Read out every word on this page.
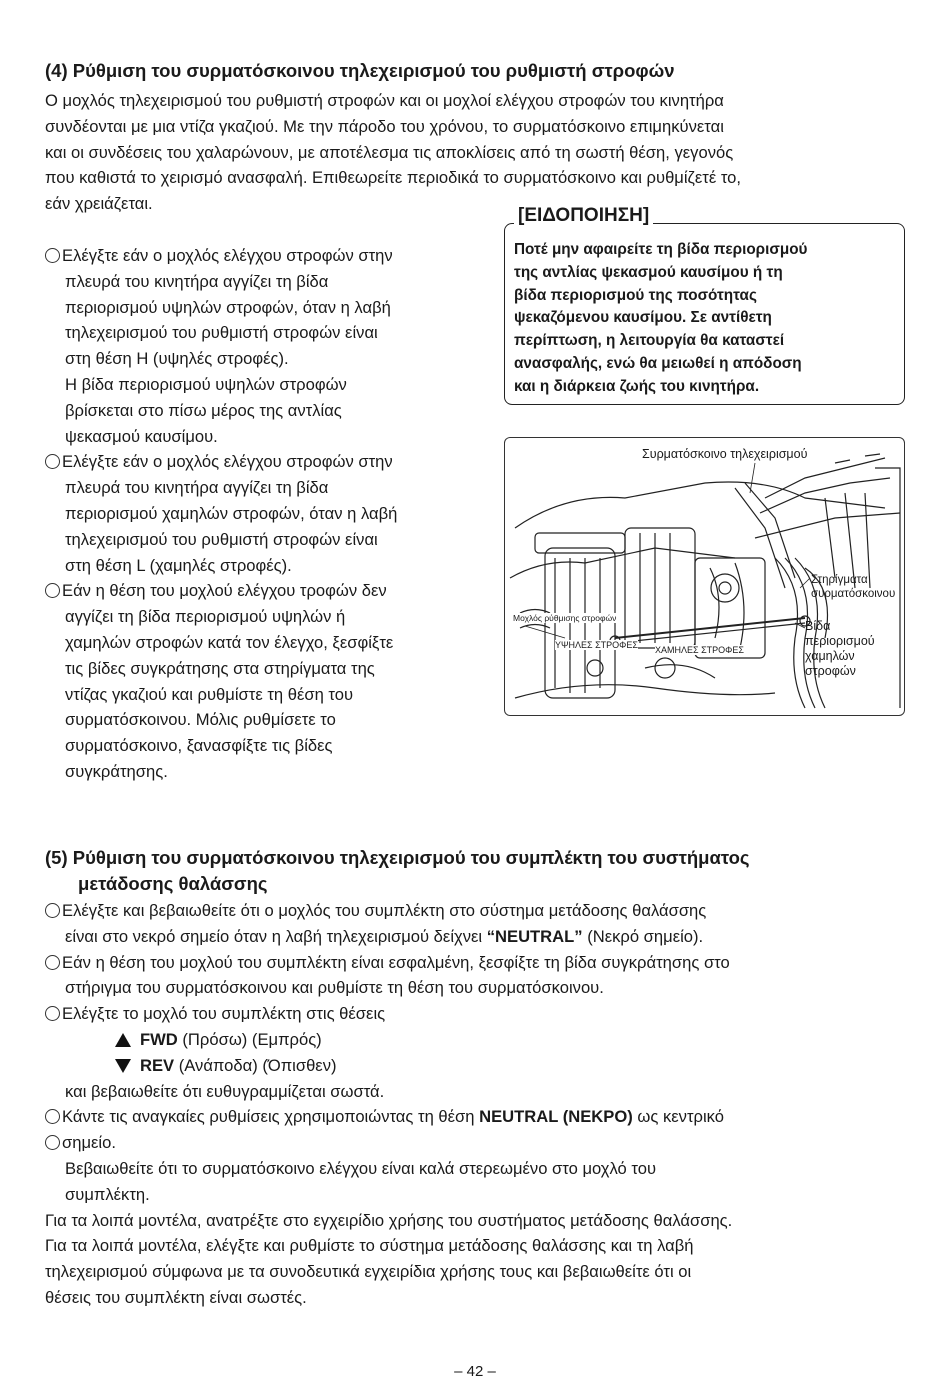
(4) Ρύθμιση του συρματόσκοινου τηλεχειρισμού του ρυθμιστή στροφών
Ο μοχλός τηλεχειρισμού του ρυθμιστή στροφών και οι μοχλοί ελέγχου στροφών του κινητήρα
συνδέονται με μια ντίζα γκαζιού. Με την πάροδο του χρόνου, το συρματόσκοινο επιμηκύνεται
και οι συνδέσεις του χαλαρώνουν, με αποτέλεσμα τις αποκλίσεις από τη σωστή θέση, γεγονός
που καθιστά το χειρισμό ανασφαλή. Επιθεωρείτε περιοδικά το συρματόσκοινο και ρυθμίζετέ το,
εάν χρειάζεται.
Ελέγξτε εάν ο μοχλός ελέγχου στροφών στην
πλευρά του κινητήρα αγγίζει τη βίδα
περιορισμού υψηλών στροφών, όταν η λαβή
τηλεχειρισμού του ρυθμιστή στροφών είναι
στη θέση H (υψηλές στροφές).
Η βίδα περιορισμού υψηλών στροφών
βρίσκεται στο πίσω μέρος της αντλίας
ψεκασμού καυσίμου.
Ελέγξτε εάν ο μοχλός ελέγχου στροφών στην
πλευρά του κινητήρα αγγίζει τη βίδα
περιορισμού χαμηλών στροφών, όταν η λαβή
τηλεχειρισμού του ρυθμιστή στροφών είναι
στη θέση L (χαμηλές στροφές).
Εάν η θέση του μοχλού ελέγχου τροφών δεν
αγγίζει τη βίδα περιορισμού υψηλών ή
χαμηλών στροφών κατά τον έλεγχο, ξεσφίξτε
τις βίδες συγκράτησης στα στηρίγματα της
ντίζας γκαζιού και ρυθμίστε τη θέση του
συρματόσκοινου. Μόλις ρυθμίσετε το
συρματόσκοινο, ξανασφίξτε τις βίδες
συγκράτησης.
[ΕΙΔΟΠΟΙΗΣΗ]
Ποτέ μην αφαιρείτε τη βίδα περιορισμού
της αντλίας ψεκασμού καυσίμου ή τη
βίδα περιορισμού της ποσότητας
ψεκαζόμενου καυσίμου. Σε αντίθετη
περίπτωση, η λειτουργία θα καταστεί
ανασφαλής, ενώ θα μειωθεί η απόδοση
και η διάρκεια ζωής του κινητήρα.
Συρματόσκοινο τηλεχειρισμού
Στηρίγματα
συρματόσκοινου
Βίδα
περιορισμού
χαμηλών
στροφών
Μοχλός ρύθμισης στροφών
ΥΨΗΛΕΣ ΣΤΡΟΦΕΣ ΧΑΜΗΛΕΣ ΣΤΡΟΦΕΣ
(5) Ρύθμιση του συρματόσκοινου τηλεχειρισμού του συμπλέκτη του συστήματος
μετάδοσης θαλάσσης
Ελέγξτε και βεβαιωθείτε ότι ο μοχλός του συμπλέκτη στο σύστημα μετάδοσης θαλάσσης
είναι στο νεκρό σημείο όταν η λαβή τηλεχειρισμού δείχνει “NEUTRAL” (Νεκρό σημείο).
Εάν η θέση του μοχλού του συμπλέκτη είναι εσφαλμένη, ξεσφίξτε τη βίδα συγκράτησης στο
στήριγμα του συρματόσκοινου και ρυθμίστε τη θέση του συρματόσκοινου.
Ελέγξτε το μοχλό του συμπλέκτη στις θέσεις
FWD (Πρόσω) (Εμπρός)
REV (Ανάποδα) (Όπισθεν)
και βεβαιωθείτε ότι ευθυγραμμίζεται σωστά.
Κάντε τις αναγκαίες ρυθμίσεις χρησιμοποιώντας τη θέση NEUTRAL (ΝΕΚΡΟ) ως κεντρικό
σημείο.
Βεβαιωθείτε ότι το συρματόσκοινο ελέγχου είναι καλά στερεωμένο στο μοχλό του
συμπλέκτη.
Για τα λοιπά μοντέλα, ανατρέξτε στο εγχειρίδιο χρήσης του συστήματος μετάδοσης θαλάσσης.
Για τα λοιπά μοντέλα, ελέγξτε και ρυθμίστε το σύστημα μετάδοσης θαλάσσης και τη λαβή
τηλεχειρισμού σύμφωνα με τα συνοδευτικά εγχειρίδια χρήσης τους και βεβαιωθείτε ότι οι
θέσεις του συμπλέκτη είναι σωστές.
– 42 –
